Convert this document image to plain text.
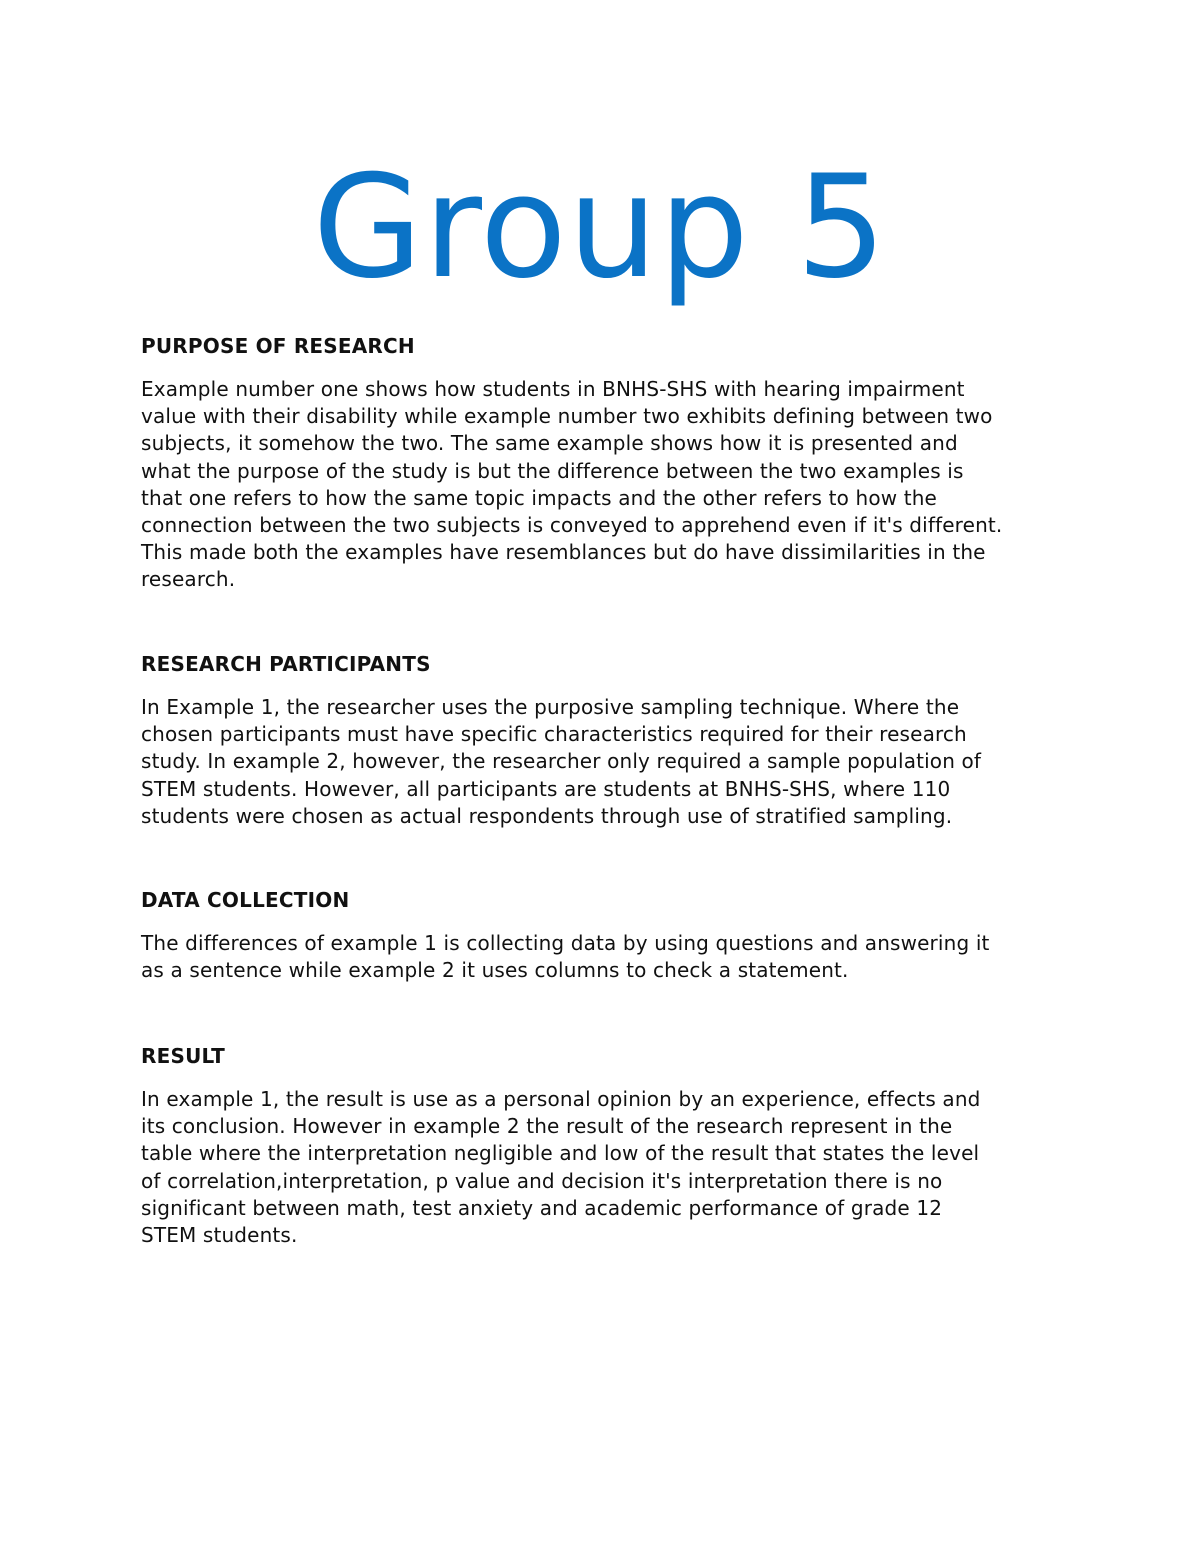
Group 5
PURPOSE OF RESEARCH

Example number one shows how students in BNHS-SHS with hearing impairment
value with their disability while example number two exhibits defining between two
subjects, it somehow the two. The same example shows how it is presented and
what the purpose of the study is but the difference between the two examples is
that one refers to how the same topic impacts and the other refers to how the
connection between the two subjects is conveyed to apprehend even if it's different.
This made both the examples have resemblances but do have dissimilarities in the
research.

RESEARCH PARTICIPANTS

In Example 1, the researcher uses the purposive sampling technique. Where the
chosen participants must have specific characteristics required for their research
study. In example 2, however, the researcher only required a sample population of
STEM students. However, all participants are students at BNHS-SHS, where 110
students were chosen as actual respondents through use of stratified sampling.

DATA COLLECTION

The differences of example 1 is collecting data by using questions and answering it
as a sentence while example 2 it uses columns to check a statement.

RESULT

In example 1, the result is use as a personal opinion by an experience, effects and
its conclusion. However in example 2 the result of the research represent in the
table where the interpretation negligible and low of the result that states the level
of correlation,interpretation, p value and decision it's interpretation there is no
significant between math, test anxiety and academic performance of grade 12
STEM students.
